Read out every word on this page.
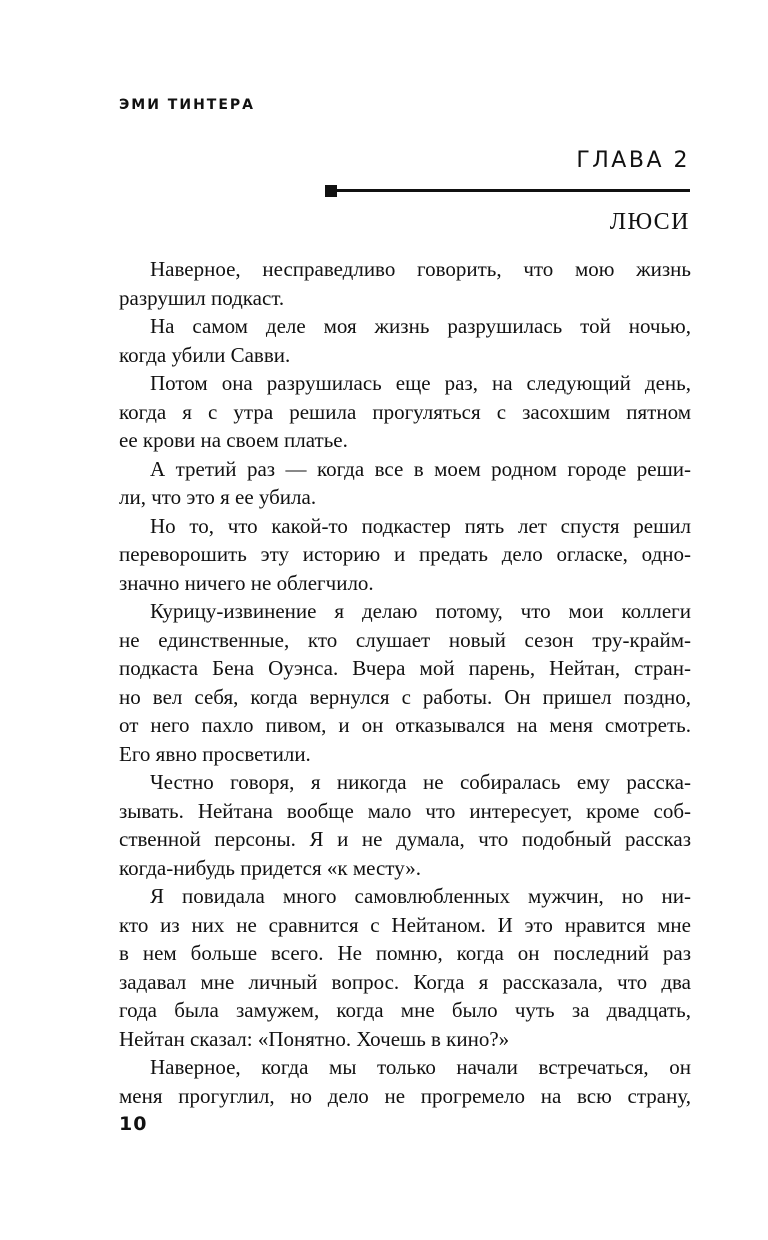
ЭМИ ТИНТЕРА
ГЛАВА 2
ЛЮСИ
Наверное, несправедливо говорить, что мою жизнь
разрушил подкаст.
На самом деле моя жизнь разрушилась той ночью,
когда убили Савви.
Потом она разрушилась еще раз, на следующий день,
когда я с утра решила прогуляться с засохшим пятном
ее крови на своем платье.
А третий раз — когда все в моем родном городе реши-
ли, что это я ее убила.
Но то, что какой-то подкастер пять лет спустя решил
переворошить эту историю и предать дело огласке, одно-
значно ничего не облегчило.
Курицу-извинение я делаю потому, что мои коллеги
не единственные, кто слушает новый сезон тру-крайм-
подкаста Бена Оуэнса. Вчера мой парень, Нейтан, стран-
но вел себя, когда вернулся с работы. Он пришел поздно,
от него пахло пивом, и он отказывался на меня смотреть.
Его явно просветили.
Честно говоря, я никогда не собиралась ему расска-
зывать. Нейтана вообще мало что интересует, кроме соб-
ственной персоны. Я и не думала, что подобный рассказ
когда-нибудь придется «к месту».
Я повидала много самовлюбленных мужчин, но ни-
кто из них не сравнится с Нейтаном. И это нравится мне
в нем больше всего. Не помню, когда он последний раз
задавал мне личный вопрос. Когда я рассказала, что два
года была замужем, когда мне было чуть за двадцать,
Нейтан сказал: «Понятно. Хочешь в кино?»
Наверное, когда мы только начали встречаться, он
меня прогуглил, но дело не прогремело на всю страну,
10
